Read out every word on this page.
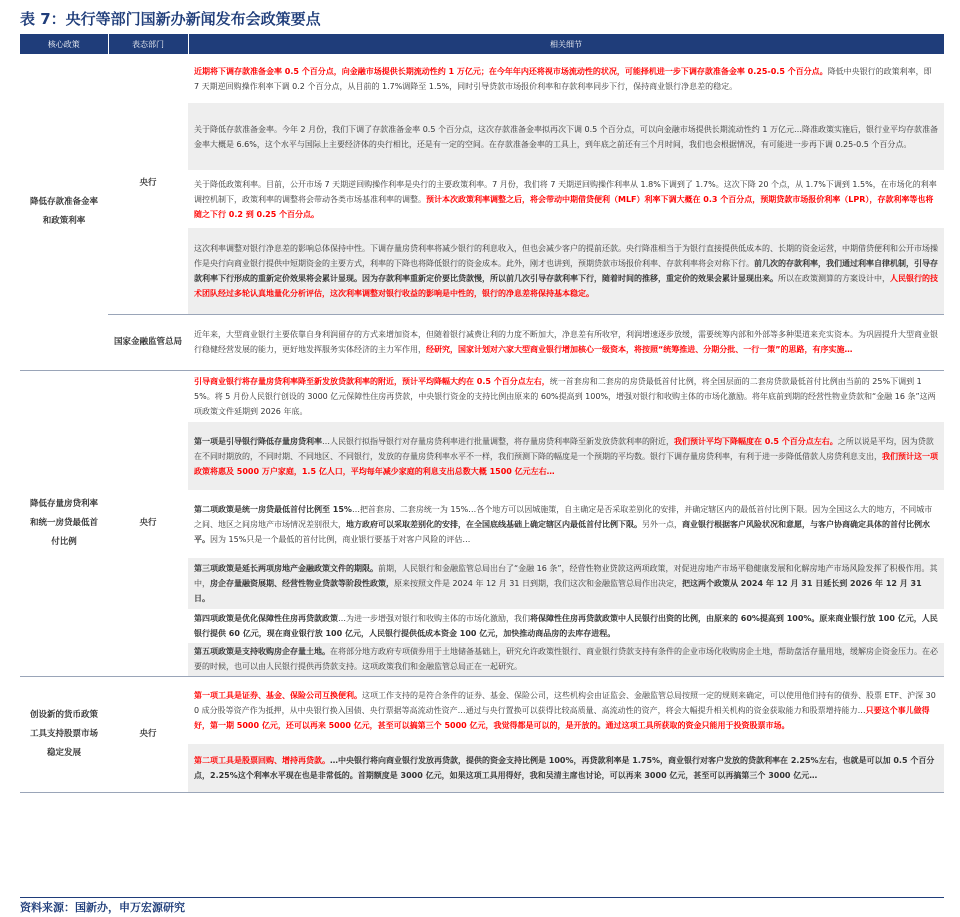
表 7：央行等部门国新办新闻发布会政策要点
核心政策	表态部门	相关细节
降低存款准备金率和政策利率	央行	近期将下调存款准备金率 0.5 个百分点，向金融市场提供长期流动性约 1 万亿元；在今年年内还将视市场流动性的状况，可能择机进一步下调存款准备金率 0.25-0.5 个百分点。降低中央银行的政策利率，即 7 天期逆回购操作利率下调 0.2 个百分点，从目前的 1.7%调降至 1.5%，同时引导贷款市场报价利率和存款利率同步下行，保持商业银行净息差的稳定。

		关于降低存款准备金率。今年 2 月份，我们下调了存款准备金率 0.5 个百分点，这次存款准备金率拟再次下调 0.5 个百分点，可以向金融市场提供长期流动性约 1 万亿元…降准政策实施后，银行业平均存款准备金率大概是 6.6%，这个水平与国际上主要经济体的央行相比，还是有一定的空间。在存款准备金率的工具上，到年底之前还有三个月时间，我们也会根据情况，有可能进一步再下调 0.25-0.5 个百分点。

		关于降低政策利率。目前，公开市场 7 天期逆回购操作利率是央行的主要政策利率。7 月份，我们将 7 天期逆回购操作利率从 1.8%下调到了 1.7%。这次下降 20 个点，从 1.7%下调到 1.5%，在市场化的利率调控机制下，政策利率的调整将会带动各类市场基准利率的调整。预计本次政策利率调整之后，将会带动中期借贷便利（MLF）利率下调大概在 0.3 个百分点，预期贷款市场报价利率（LPR），存款利率等也将随之下行 0.2 到 0.25 个百分点。

		这次利率调整对银行净息差的影响总体保持中性。下调存量房贷利率将减少银行的利息收入，但也会减少客户的提前还款。央行降准相当于为银行直接提供低成本的、长期的资金运营，中期借贷便利和公开市场操作是央行向商业银行提供中短期资金的主要方式，利率的下降也将降低银行的资金成本。此外，刚才也讲到，预期贷款市场报价利率、存款利率将会对称下行。前几次的存款利率，我们通过利率自律机制，引导存款利率下行形成的重新定价效果将会累计显现。因为存款利率重新定价要比贷款慢，所以前几次引导存款利率下行，随着时间的推移，重定价的效果会累计显现出来。所以在政策测算的方案设计中，人民银行的技术团队经过多轮认真地量化分析评估，这次利率调整对银行收益的影响是中性的，银行的净息差将保持基本稳定。

	国家金融监管总局	近年来，大型商业银行主要依靠自身利润留存的方式来增加资本，但随着银行减费让利的力度不断加大，净息差有所收窄，利润增速逐步放缓，需要统筹内部和外部等多种渠道来充实资本。为巩固提升大型商业银行稳健经营发展的能力，更好地发挥服务实体经济的主力军作用，经研究，国家计划对六家大型商业银行增加核心一级资本，将按照“统筹推进、分期分批、一行一策”的思路，有序实施…

降低存量房贷利率和统一房贷最低首付比例	央行	引导商业银行将存量房贷利率降至新发放贷款利率的附近，预计平均降幅大约在 0.5 个百分点左右，统一首套房和二套房的房贷最低首付比例，将全国层面的二套房贷款最低首付比例由当前的 25%下调到 15%。将 5 月份人民银行创设的 3000 亿元保障性住房再贷款，中央银行资金的支持比例由原来的 60%提高到 100%，增强对银行和收购主体的市场化激励。将年底前到期的经营性物业贷款和“金融 16 条”这两项政策文件延期到 2026 年底。

		第一项是引导银行降低存量房贷利率…人民银行拟指导银行对存量房贷利率进行批量调整，将存量房贷利率降至新发放贷款利率的附近，我们预计平均下降幅度在 0.5 个百分点左右。之所以说是平均，因为贷款在不同时期放的，不同时期、不同地区、不同银行，发放的存量房贷利率水平不一样，我们预测下降的幅度是一个预期的平均数。银行下调存量房贷利率，有利于进一步降低借款人房贷利息支出，我们预计这一项政策将惠及 5000 万户家庭，1.5 亿人口，平均每年减少家庭的利息支出总数大概 1500 亿元左右…

		第二项政策是统一房贷最低首付比例至 15%…把首套房、二套房统一为 15%…各个地方可以因城施策，自主确定是否采取差别化的安排，并确定辖区内的最低首付比例下限。因为全国这么大的地方，不同城市之间、地区之间房地产市场情况差别很大，地方政府可以采取差别化的安排，在全国底线基础上确定辖区内最低首付比例下限。另外一点，商业银行根据客户风险状况和意愿，与客户协商确定具体的首付比例水平。因为 15%只是一个最低的首付比例，商业银行要基于对客户风险的评估…

		第三项政策是延长两项房地产金融政策文件的期限。前期，人民银行和金融监管总局出台了“金融 16 条”，经营性物业贷款这两项政策，对促进房地产市场平稳健康发展和化解房地产市场风险发挥了积极作用。其中，房企存量融资展期、经营性物业贷款等阶段性政策，原来按照文件是 2024 年 12 月 31 日到期，我们这次和金融监管总局作出决定，把这两个政策从 2024 年 12 月 31 日延长到 2026 年 12 月 31 日。

		第四项政策是优化保障性住房再贷款政策…为进一步增强对银行和收购主体的市场化激励，我们将保障性住房再贷款政策中人民银行出资的比例，由原来的 60%提高到 100%。原来商业银行放 100 亿元，人民银行提供 60 亿元，现在商业银行放 100 亿元，人民银行提供低成本资金 100 亿元，加快推动商品房的去库存进程。

		第五项政策是支持收购房企存量土地。在将部分地方政府专项债券用于土地储备基础上，研究允许政策性银行、商业银行贷款支持有条件的企业市场化收购房企土地，帮助盘活存量用地，缓解房企资金压力。在必要的时候，也可以由人民银行提供再贷款支持。这项政策我们和金融监管总局正在一起研究。

创设新的货币政策工具支持股票市场稳定发展	央行	第一项工具是证券、基金、保险公司互换便利。这项工作支持的是符合条件的证券、基金、保险公司，这些机构会由证监会、金融监管总局按照一定的规则来确定，可以使用他们持有的债券、股票 ETF、沪深 300 成分股等资产作为抵押，从中央银行换入国债、央行票据等高流动性资产…通过与央行置换可以获得比较高质量、高流动性的资产，将会大幅提升相关机构的资金获取能力和股票增持能力…只要这个事儿做得好，第一期 5000 亿元，还可以再来 5000 亿元，甚至可以搞第三个 5000 亿元，我觉得都是可以的，是开放的。通过这项工具所获取的资金只能用于投资股票市场。

		第二项工具是股票回购、增持再贷款。…中央银行将向商业银行发放再贷款，提供的资金支持比例是 100%，再贷款利率是 1.75%，商业银行对客户发放的贷款利率在 2.25%左右，也就是可以加 0.5 个百分点，2.25%这个利率水平现在也是非常低的。首期额度是 3000 亿元，如果这项工具用得好，我和吴清主席也讨论，可以再来 3000 亿元，甚至可以再搞第三个 3000 亿元…
资料来源：国新办，申万宏源研究
